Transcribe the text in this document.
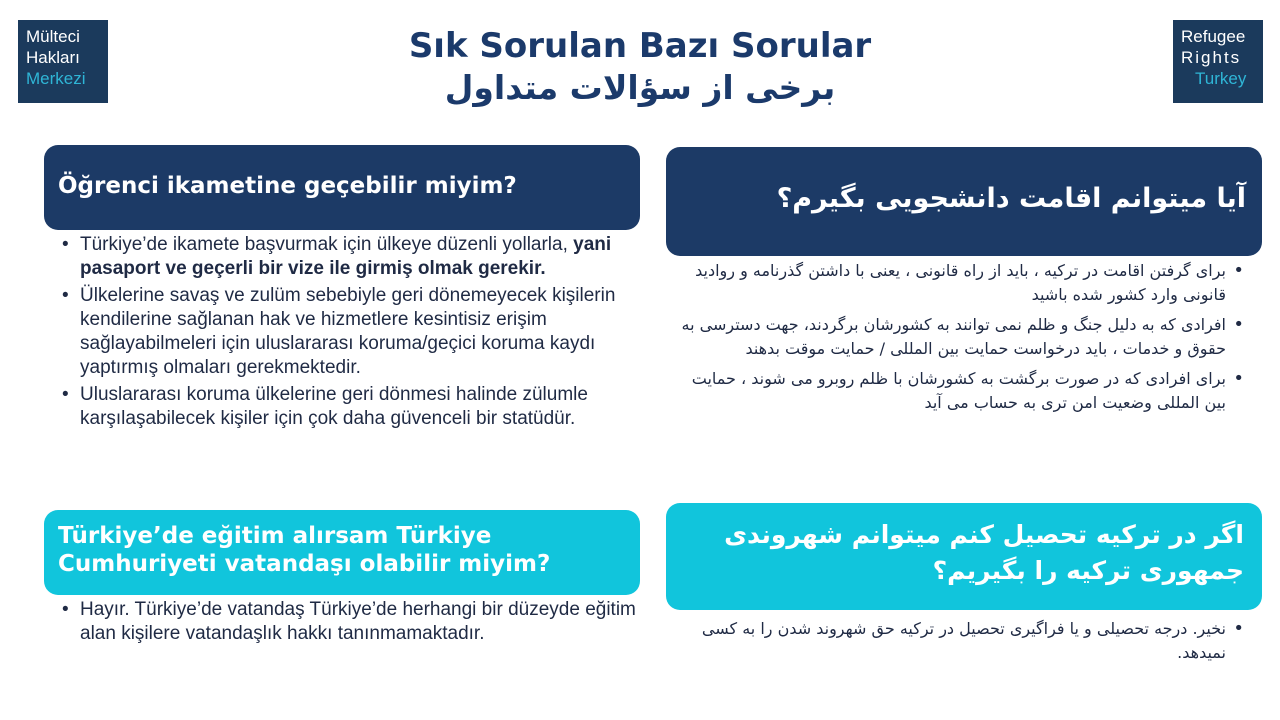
Mülteci
Hakları
Merkezi
Refugee
Rights
Turkey
Sık Sorulan Bazı Sorular
برخی از سؤالات متداول
Öğrenci ikametine geçebilir miyim?
• Türkiye’de ikamete başvurmak için ülkeye düzenli yollarla, yani pasaport ve geçerli bir vize ile girmiş olmak gerekir.
• Ülkelerine savaş ve zulüm sebebiyle geri dönemeyecek kişilerin kendilerine sağlanan hak ve hizmetlere kesintisiz erişim sağlayabilmeleri için uluslararası koruma/geçici koruma kaydı yaptırmış olmaları gerekmektedir.
• Uluslararası koruma ülkelerine geri dönmesi halinde zülumle karşılaşabilecek kişiler için çok daha güvenceli bir statüdür.
Türkiye’de eğitim alırsam Türkiye Cumhuriyeti vatandaşı olabilir miyim?
• Hayır. Türkiye’de vatandaş Türkiye’de herhangi bir düzeyde eğitim alan kişilere vatandaşlık hakkı tanınmamaktadır.
آیا میتوانم اقامت دانشجویی بگیرم؟
• برای گرفتن اقامت در ترکیه ، باید از راه قانونی ، یعنی با داشتن گذرنامه و روادید قانونی وارد کشور شده باشید
• افرادی که به دلیل جنگ و ظلم نمی توانند به کشورشان برگردند، جهت دسترسی به حقوق و خدمات ، باید درخواست حمایت بین المللی / حمایت موقت بدهند
• برای افرادی که در صورت برگشت به کشورشان با ظلم روبرو می شوند ، حمایت بین المللی وضعیت امن تری به حساب می آید
اگر در ترکیه تحصیل کنم میتوانم شهروندی جمهوری ترکیه را بگیریم؟
• نخیر. درجه تحصیلی و یا فراگیری تحصیل در ترکیه حق شهروند شدن را به کسی نمیدهد.
